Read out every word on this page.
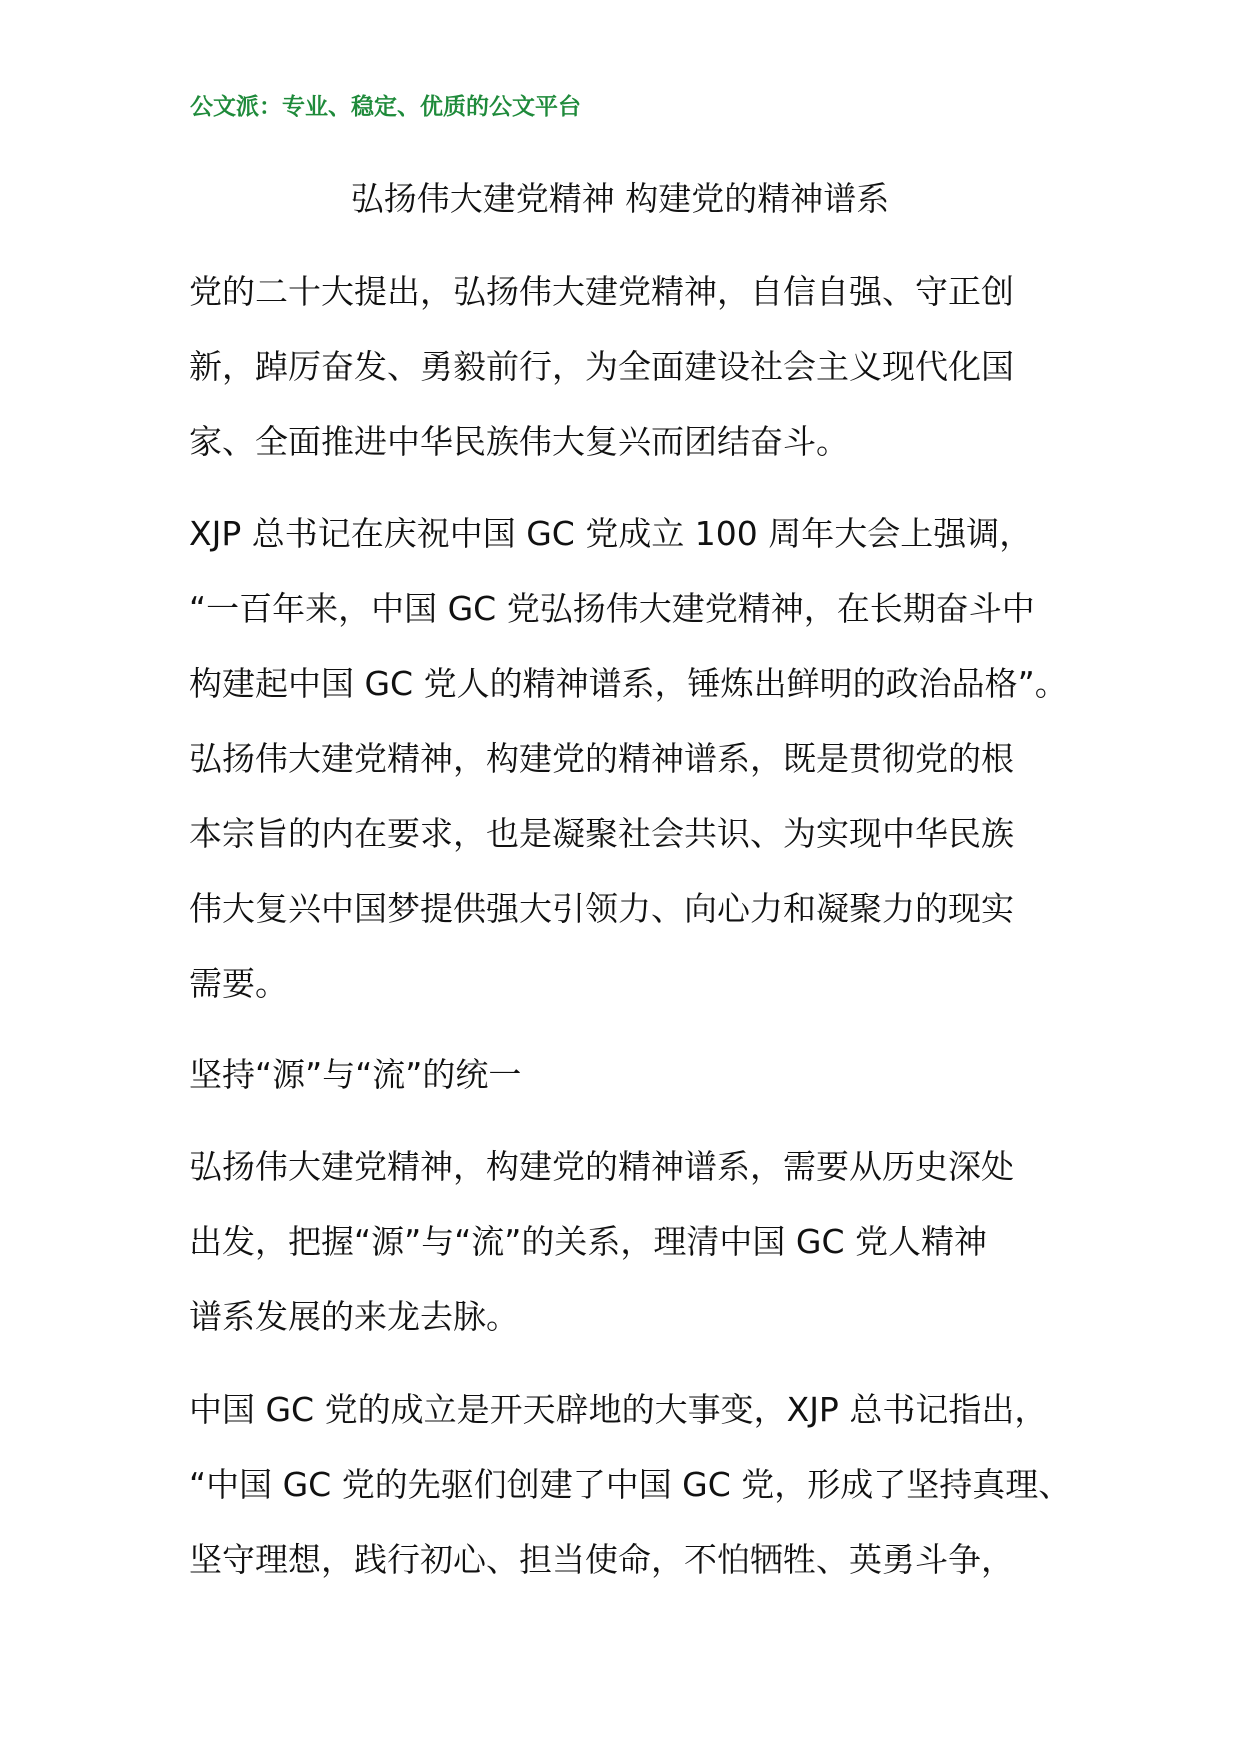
公文派：专业、稳定、优质的公文平台
弘扬伟大建党精神 构建党的精神谱系
党的二十大提出，弘扬伟大建党精神，自信自强、守正创
新，踔厉奋发、勇毅前行，为全面建设社会主义现代化国
家、全面推进中华民族伟大复兴而团结奋斗。
XJP 总书记在庆祝中国 GC 党成立 100 周年大会上强调，
“一百年来，中国 GC 党弘扬伟大建党精神，在长期奋斗中
构建起中国 GC 党人的精神谱系，锤炼出鲜明的政治品格”。
弘扬伟大建党精神，构建党的精神谱系，既是贯彻党的根
本宗旨的内在要求，也是凝聚社会共识、为实现中华民族
伟大复兴中国梦提供强大引领力、向心力和凝聚力的现实
需要。
坚持“源”与“流”的统一
弘扬伟大建党精神，构建党的精神谱系，需要从历史深处
出发，把握“源”与“流”的关系，理清中国 GC 党人精神
谱系发展的来龙去脉。
中国 GC 党的成立是开天辟地的大事变，XJP 总书记指出，
“中国 GC 党的先驱们创建了中国 GC 党，形成了坚持真理、
坚守理想，践行初心、担当使命，不怕牺牲、英勇斗争，
